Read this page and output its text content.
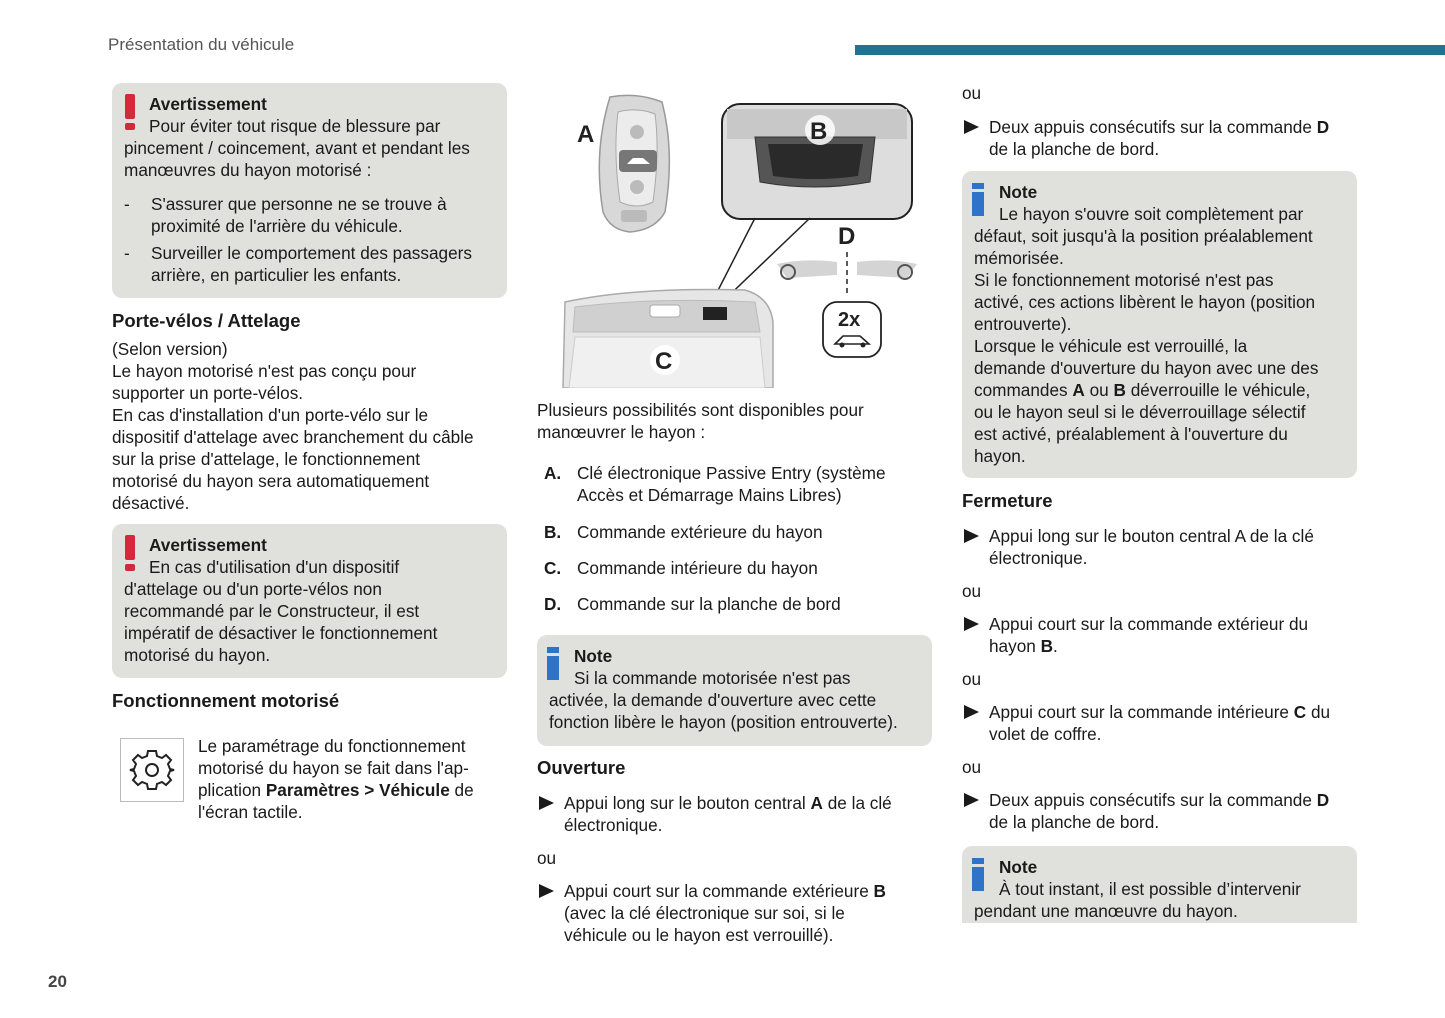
Présentation du véhicule
Avertissement
Pour éviter tout risque de blessure par
pincement / coincement, avant et pendant les
manœuvres du hayon motorisé :
- S'assurer que personne ne se trouve à
proximité de l'arrière du véhicule.
- Surveiller le comportement des passagers
arrière, en particulier les enfants.
Porte-vélos / Attelage
(Selon version)
Le hayon motorisé n'est pas conçu pour
supporter un porte-vélos.
En cas d'installation d'un porte-vélo sur le
dispositif d'attelage avec branchement du câble
sur la prise d'attelage, le fonctionnement
motorisé du hayon sera automatiquement
désactivé.
Avertissement
En cas d'utilisation d'un dispositif
d'attelage ou d'un porte-vélos non
recommandé par le Constructeur, il est
impératif de désactiver le fonctionnement
motorisé du hayon.
Fonctionnement motorisé
Le paramétrage du fonctionnement
motorisé du hayon se fait dans l'ap-
plication Paramètres > Véhicule de
l'écran tactile.
A	B
C
D
2x
Plusieurs possibilités sont disponibles pour
manœuvrer le hayon :
A. Clé électronique Passive Entry (système
Accès et Démarrage Mains Libres)
B. Commande extérieure du hayon
C. Commande intérieure du hayon
D. Commande sur la planche de bord
Note
Si la commande motorisée n'est pas
activée, la demande d'ouverture avec cette
fonction libère le hayon (position entrouverte).
Ouverture
Appui long sur le bouton central A de la clé
électronique.
ou
Appui court sur la commande extérieure B
(avec la clé électronique sur soi, si le
véhicule ou le hayon est verrouillé).
ou
Deux appuis consécutifs sur la commande D
de la planche de bord.
Note
Le hayon s'ouvre soit complètement par
défaut, soit jusqu'à la position préalablement
mémorisée.
Si le fonctionnement motorisé n'est pas
activé, ces actions libèrent le hayon (position
entrouverte).
Lorsque le véhicule est verrouillé, la
demande d'ouverture du hayon avec une des
commandes A ou B déverrouille le véhicule,
ou le hayon seul si le déverrouillage sélectif
est activé, préalablement à l'ouverture du
hayon.
Fermeture
Appui long sur le bouton central A de la clé
électronique.
ou
Appui court sur la commande extérieur du
hayon B.
ou
Appui court sur la commande intérieure C du
volet de coffre.
ou
Deux appuis consécutifs sur la commande D
de la planche de bord.
Note
À tout instant, il est possible d’intervenir
pendant une manœuvre du hayon.
20
